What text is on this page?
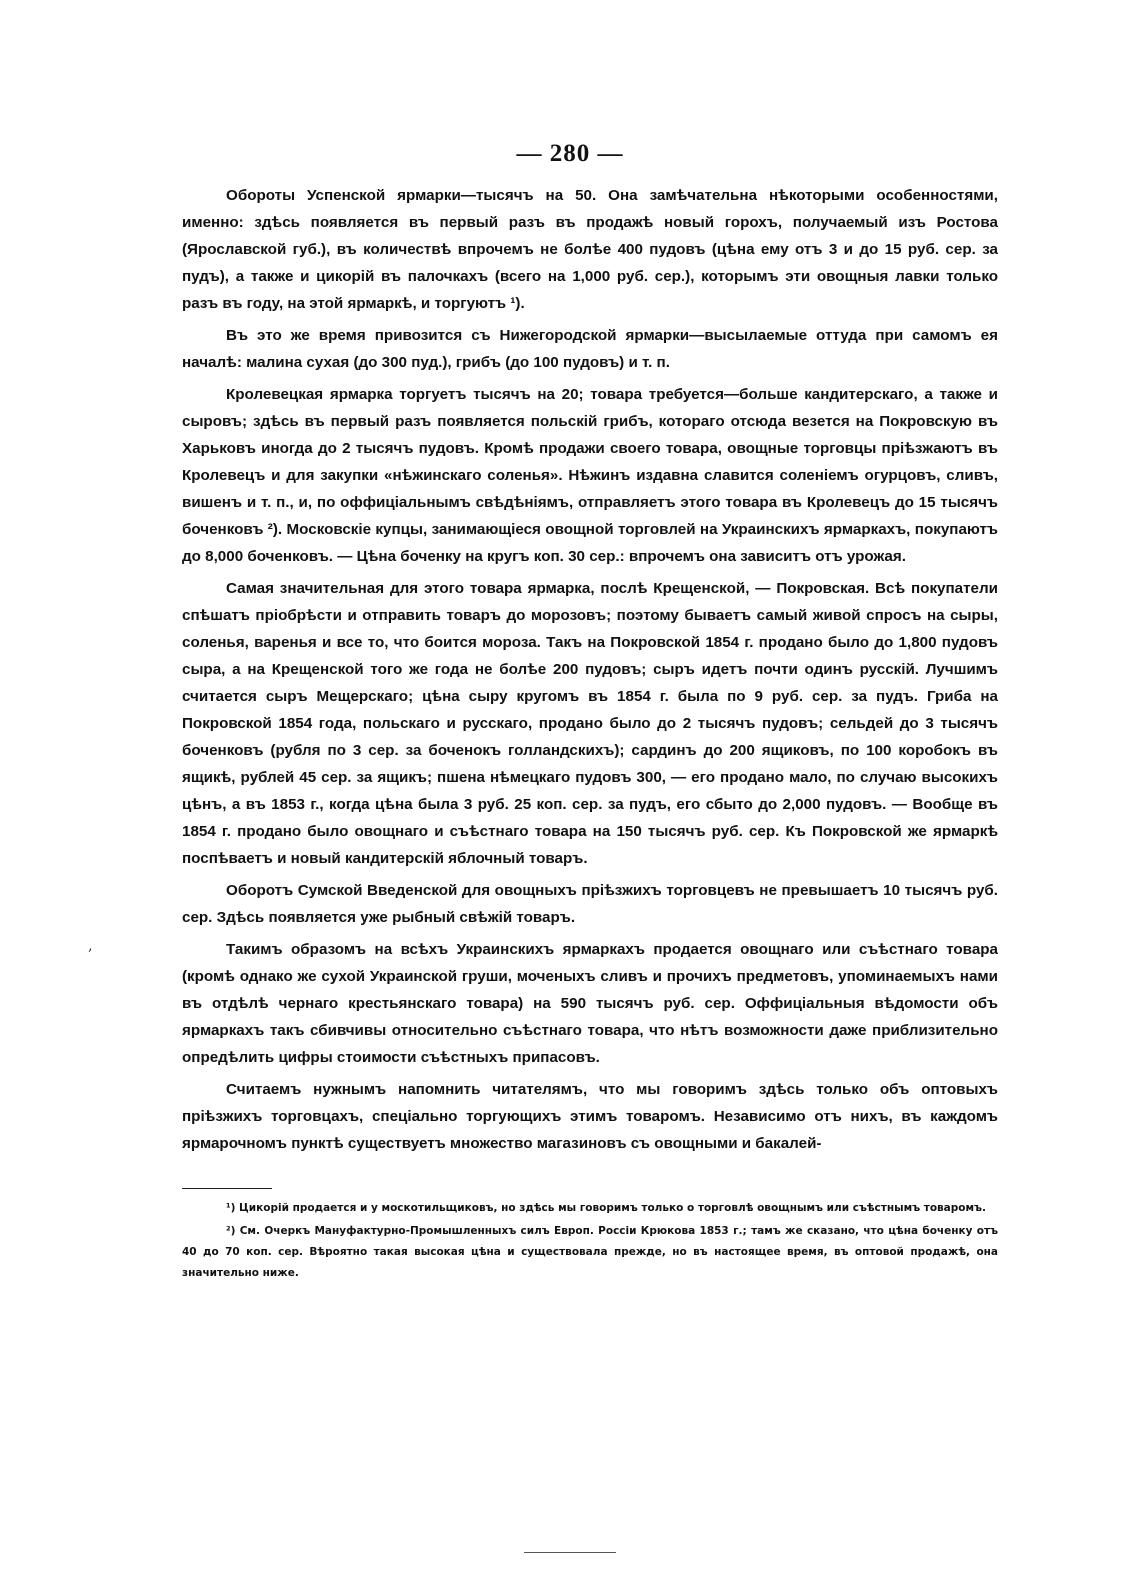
— 280 —
‚

Обороты Успенской ярмарки—тысячъ на 50. Она замѣчательна нѣкоторыми особенностями, именно: здѣсь появляется въ первый разъ въ продажѣ новый горохъ, получаемый изъ Ростова (Ярославской губ.), въ количествѣ впрочемъ не болѣе 400 пудовъ (цѣна ему отъ 3 и до 15 руб. сер. за пудъ), а также и цикорiй въ палочкахъ (всего на 1,000 руб. сер.), которымъ эти овощныя лавки только разъ въ году, на этой ярмаркѣ, и торгуютъ ¹).

Въ это же время привозится съ Нижегородской ярмарки—высылаемые оттуда при самомъ ея началѣ: малина сухая (до 300 пуд.), грибъ (до 100 пудовъ) и т. п.

Кролевецкая ярмарка торгуетъ тысячъ на 20; товара требуется—больше кандитерскаго, а также и сыровъ; здѣсь въ первый разъ появляется польскiй грибъ, котораго отсюда везется на Покровскую въ Харьковъ иногда до 2 тысячъ пудовъ. Кромѣ продажи своего товара, овощные торговцы прiѣзжаютъ въ Кролевецъ и для закупки «нѣжинскаго соленья». Нѣжинъ издавна славится соленiемъ огурцовъ, сливъ, вишенъ и т. п., и, по оффицiальнымъ свѣдѣнiямъ, отправляетъ этого товара въ Кролевецъ до 15 тысячъ боченковъ ²). Московскiе купцы, занимающiеся овощной торговлей на Украинскихъ ярмаркахъ, покупаютъ до 8,000 боченковъ. — Цѣна боченку на кругъ коп. 30 сер.: впрочемъ она зависитъ отъ урожая.

Самая значительная для этого товара ярмарка, послѣ Крещенской, — Покровская. Всѣ покупатели спѣшатъ прiобрѣсти и отправить товаръ до морозовъ; поэтому бываетъ самый живой спросъ на сыры, соленья, варенья и все то, что боится мороза. Такъ на Покровской 1854 г. продано было до 1,800 пудовъ сыра, а на Крещенской того же года не болѣе 200 пудовъ; сыръ идетъ почти одинъ русскiй. Лучшимъ считается сыръ Мещерскаго; цѣна сыру кругомъ въ 1854 г. была по 9 руб. сер. за пудъ. Гриба на Покровской 1854 года, польскаго и русскаго, продано было до 2 тысячъ пудовъ; сельдей до 3 тысячъ боченковъ (рубля по 3 сер. за боченокъ голландскихъ); сардинъ до 200 ящиковъ, по 100 коробокъ въ ящикѣ, рублей 45 сер. за ящикъ; пшена нѣмецкаго пудовъ 300, — его продано мало, по случаю высокихъ цѣнъ, а въ 1853 г., когда цѣна была 3 руб. 25 коп. сер. за пудъ, его сбыто до 2,000 пудовъ. — Вообще въ 1854 г. продано было овощнаго и съѣстнаго товара на 150 тысячъ руб. сер. Къ Покровской же ярмаркѣ поспѣваетъ и новый кандитерскiй яблочный товаръ.

Оборотъ Сумской Введенской для овощныхъ прiѣзжихъ торговцевъ не превышаетъ 10 тысячъ руб. сер. Здѣсь появляется уже рыбный свѣжiй товаръ.

Такимъ образомъ на всѣхъ Украинскихъ ярмаркахъ продается овощнаго или съѣстнаго товара (кромѣ однако же сухой Украинской груши, моченыхъ сливъ и прочихъ предметовъ, упоминаемыхъ нами въ отдѣлѣ чернаго крестьянскаго товара) на 590 тысячъ руб. сер. Оффицiальныя вѣдомости объ ярмаркахъ такъ сбивчивы относительно съѣстнаго товара, что нѣтъ возможности даже приблизительно опредѣлить цифры стоимости съѣстныхъ припасовъ.

Считаемъ нужнымъ напомнить читателямъ, что мы говоримъ здѣсь только объ оптовыхъ прiѣзжихъ торговцахъ, спецiально торгующихъ этимъ товаромъ. Независимо отъ нихъ, въ каждомъ ярмарочномъ пунктѣ существуетъ множество магазиновъ съ овощными и бакалей-

¹) Цикорiй продается и у москотильщиковъ, но здѣсь мы говоримъ только о торговлѣ овощнымъ или съѣстнымъ товаромъ.

²) См. Очеркъ Мануфактурно-Промышленныхъ силъ Европ. Россiи Крюкова 1853 г.; тамъ же сказано, что цѣна боченку отъ 40 до 70 коп. сер. Вѣроятно такая высокая цѣна и существовала прежде, но въ настоящее время, въ оптовой продажѣ, она значительно ниже.
